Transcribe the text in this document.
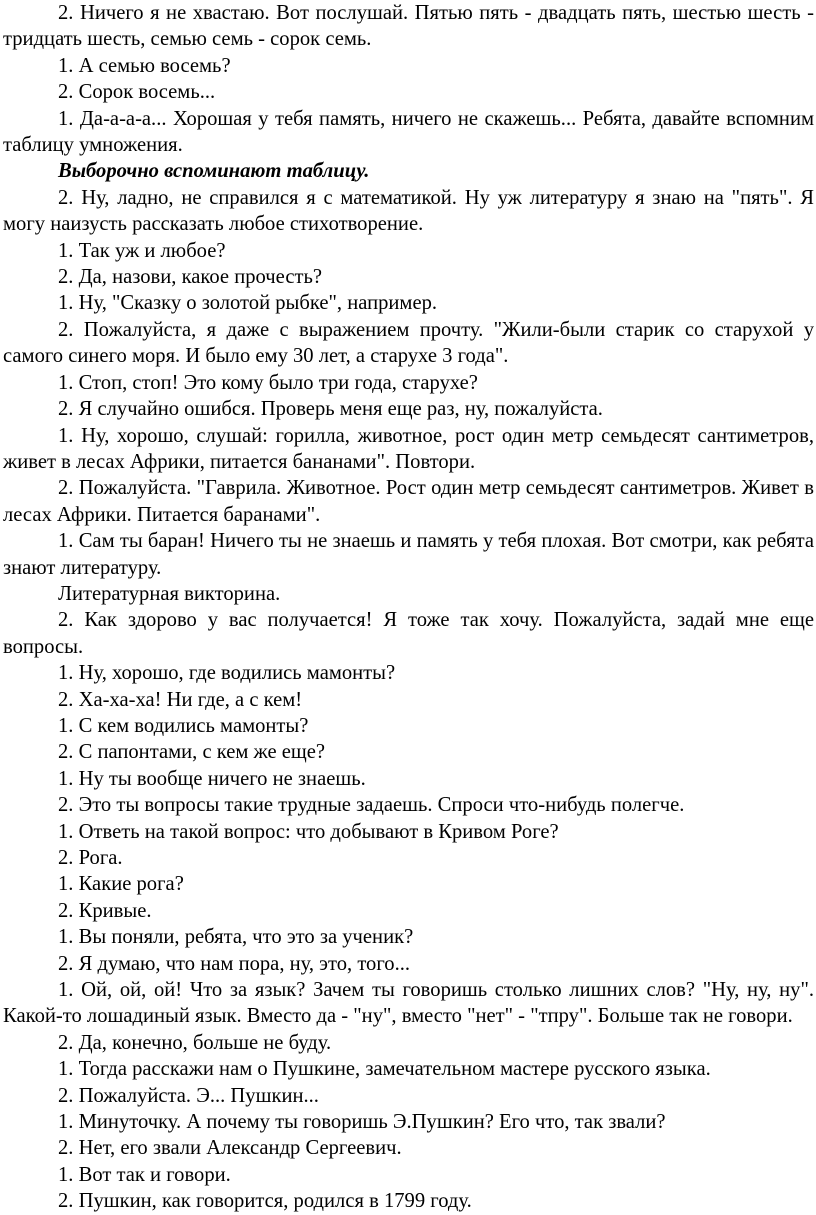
2. Ничего я не хвастаю. Вот послушай. Пятью пять - двадцать пять, шестью шесть - тридцать шесть, семью семь - сорок семь.

1. А семью восемь?

2. Сорок восемь...

1. Да-а-а-а... Хорошая у тебя память, ничего не скажешь... Ребята, давайте вспомним таблицу умножения.

Выборочно вспоминают таблицу.

2. Ну, ладно, не справился я с математикой. Ну уж литературу я знаю на "пять". Я могу наизусть рассказать любое стихотворение.

1. Так уж и любое?

2. Да, назови, какое прочесть?

1. Ну, "Сказку о золотой рыбке", например.

2. Пожалуйста, я даже с выражением прочту. "Жили-были старик со старухой у самого синего моря. И было ему 30 лет, а старухе 3 года".

1. Стоп, стоп! Это кому было три года, старухе?

2. Я случайно ошибся. Проверь меня еще раз, ну, пожалуйста.

1. Ну, хорошо, слушай: горилла, животное, рост один метр семьдесят сантиметров, живет в лесах Африки, питается бананами". Повтори.

2. Пожалуйста. "Гаврила. Животное. Рост один метр семьдесят сантиметров. Живет в лесах Африки. Питается баранами".

1. Сам ты баран! Ничего ты не знаешь и память у тебя плохая. Вот смотри, как ребята знают литературу.

Литературная викторина.

2. Как здорово у вас получается! Я тоже так хочу. Пожалуйста, задай мне еще вопросы.

1. Ну, хорошо, где водились мамонты?

2. Ха-ха-ха! Ни где, а с кем!

1. С кем водились мамонты?

2. С папонтами, с кем же еще?

1. Ну ты вообще ничего не знаешь.

2. Это ты вопросы такие трудные задаешь. Спроси что-нибудь полегче.

1. Ответь на такой вопрос: что добывают в Кривом Роге?

2. Рога.

1. Какие рога?

2. Кривые.

1. Вы поняли, ребята, что это за ученик?

2. Я думаю, что нам пора, ну, это, того...

1. Ой, ой, ой! Что за язык? Зачем ты говоришь столько лишних слов? "Ну, ну, ну". Какой-то лошадиный язык. Вместо да - "ну", вместо "нет" - "тпру". Больше так не говори.

2. Да, конечно, больше не буду.

1. Тогда расскажи нам о Пушкине, замечательном мастере русского языка.

2. Пожалуйста. Э... Пушкин...

1. Минуточку. А почему ты говоришь Э.Пушкин? Его что, так звали?

2. Нет, его звали Александр Сергеевич.

1. Вот так и говори.

2. Пушкин, как говорится, родился в 1799 году.
